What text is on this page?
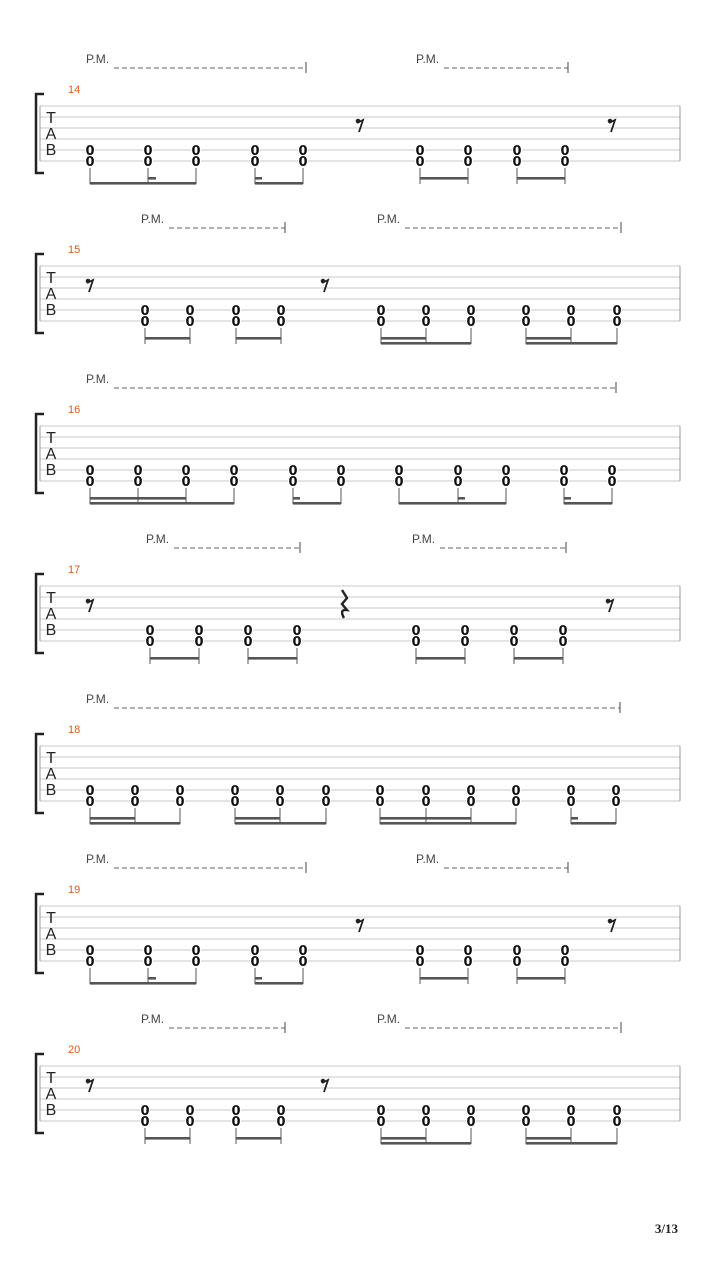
P.M.	P.M.
14
T
A
B 0
0
0
0
0
0
0
0
0
0
0
0
0
0
0
0
0
0
P.M.	P.M.
15
T
A
B	0
0
0
0
0
0
0
0
0
0
0
0
0
0
0
0
0
0
0
0
P.M.
16
T
A
B 0
0
0
0
0
0
0
0
0
0
0
0
0
0
0
0
0
0
0
0
0
0
P.M.	P.M.
17
T
A
B	0
0
0
0
0
0
0
0
0
0
0
0
0
0
0
0
P.M.
18
T
A
B 0
0
0
0
0
0
0
0
0
0
0
0
0
0
0
0
0
0
0
0
0
0
0
0
P.M.	P.M.
19
T
A
B 0
0
0
0
0
0
0
0
0
0
0
0
0
0
0
0
0
0
P.M.	P.M.
20
T
A
B	0
0
0
0
0
0
0
0
0
0
0
0
0
0
0
0
0
0
0
0
3/13
